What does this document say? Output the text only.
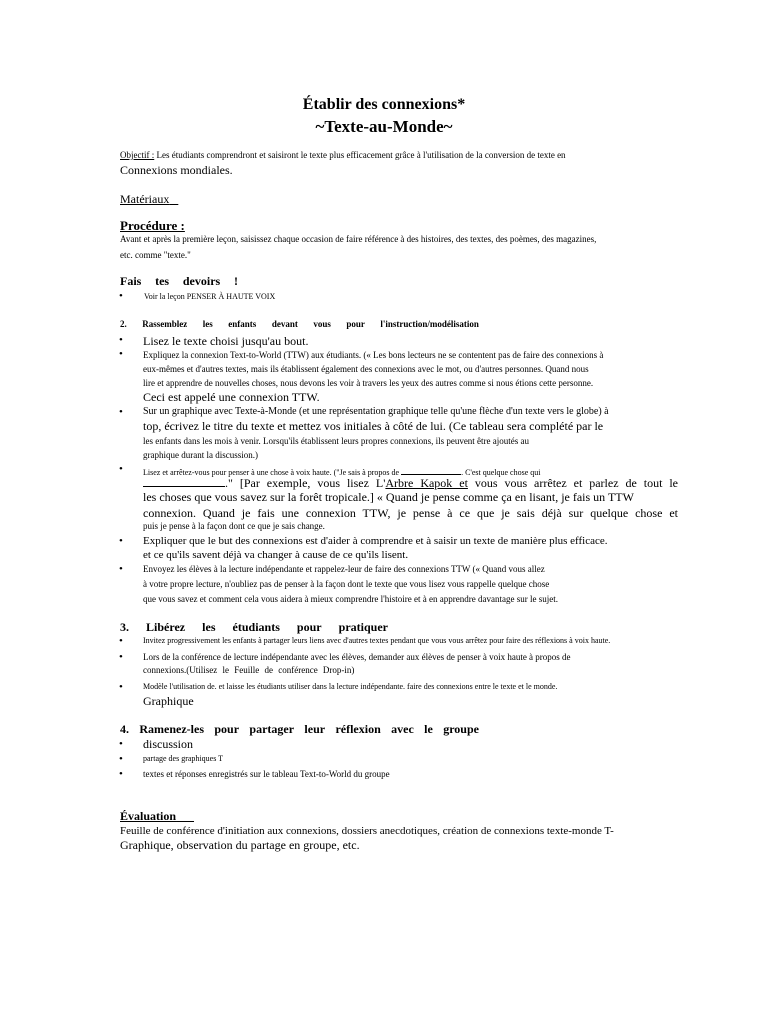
Établir des connexions*
~Texte-au-Monde~
Objectif : Les étudiants comprendront et saisiront le texte plus efficacement grâce à l'utilisation de la conversion de texte en
Connexions mondiales.
Matériaux
Procédure :
Avant et après la première leçon, saisissez chaque occasion de faire référence à des histoires, des textes, des poèmes, des magazines,
etc. comme "texte."
Fais tes devoirs !
•	Voir la leçon PENSER À HAUTE VOIX
2. Rassemblez les enfants devant vous pour l'instruction/modélisation
• Lisez le texte choisi jusqu'au bout.
• Expliquez la connexion Text-to-World (TTW) aux étudiants. (« Les bons lecteurs ne se contentent pas de faire des connexions à
eux-mêmes et d'autres textes, mais ils établissent également des connexions avec le mot, ou d'autres personnes. Quand nous
lire et apprendre de nouvelles choses, nous devons les voir à travers les yeux des autres comme si nous étions cette personne.
Ceci est appelé une connexion TTW.
• Sur un graphique avec Texte-à-Monde (et une représentation graphique telle qu'une flèche d'un texte vers le globe) à
top, écrivez le titre du texte et mettez vos initiales à côté de lui. (Ce tableau sera complété par le
les enfants dans les mois à venir. Lorsqu'ils établissent leurs propres connexions, ils peuvent être ajoutés au
graphique durant la discussion.)
•	Lisez et arrêtez-vous pour penser à une chose à voix haute. ("Je sais à propos de	. C'est quelque chose qui
." [Par exemple, vous lisez L'Arbre Kapok et vous vous arrêtez et parlez de tout le
les choses que vous savez sur la forêt tropicale.] « Quand je pense comme ça en lisant, je fais un TTW
connexion. Quand je fais une connexion TTW, je pense à ce que je sais déjà sur quelque chose et
puis je pense à la façon dont ce que je sais change.
• Expliquer que le but des connexions est d'aider à comprendre et à saisir un texte de manière plus efficace.
et ce qu'ils savent déjà va changer à cause de ce qu'ils lisent.
• Envoyez les élèves à la lecture indépendante et rappelez-leur de faire des connexions TTW (« Quand vous allez
à votre propre lecture, n'oubliez pas de penser à la façon dont le texte que vous lisez vous rappelle quelque chose
que vous savez et comment cela vous aidera à mieux comprendre l'histoire et à en apprendre davantage sur le sujet.
3. Libérez les étudiants pour pratiquer
•	Invitez progressivement les enfants à partager leurs liens avec d'autres textes pendant que vous vous arrêtez pour faire des réflexions à voix haute.
• Lors de la conférence de lecture indépendante avec les élèves, demander aux élèves de penser à voix haute à propos de
connexions.(Utilisez le Feuille de conférence Drop-in)
•	Modèle l'utilisation de. et laisse les étudiants utiliser dans la lecture indépendante. faire des connexions entre le texte et le monde.
Graphique
4. Ramenez-les pour partager leur réflexion avec le groupe
• discussion
•	partage des graphiques T
• textes et réponses enregistrés sur le tableau Text-to-World du groupe
Évaluation
Feuille de conférence d'initiation aux connexions, dossiers anecdotiques, création de connexions texte-monde T-
Graphique, observation du partage en groupe, etc.
